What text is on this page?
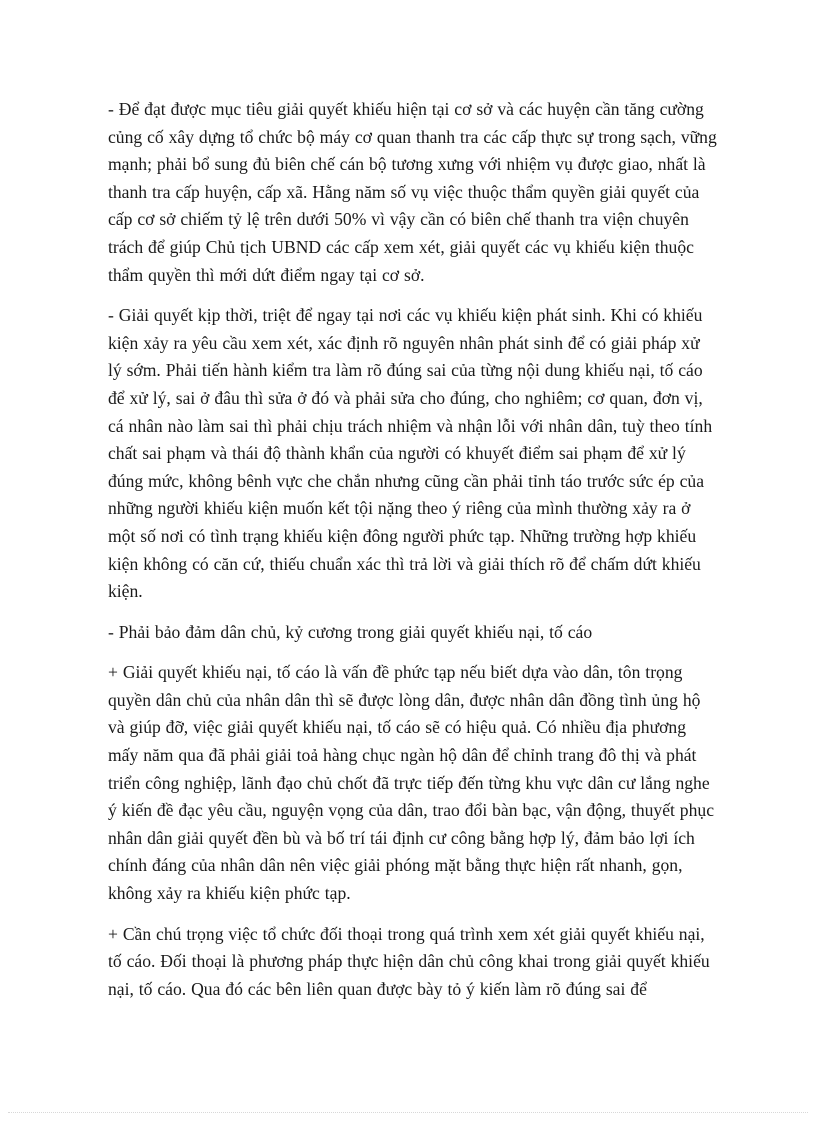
- Để đạt được mục tiêu giải quyết khiếu hiện tại cơ sở và các huyện cần tăng cường củng cố xây dựng tổ chức bộ máy cơ quan thanh tra các cấp thực sự trong sạch, vững mạnh; phải bổ sung đủ biên chế cán bộ tương xưng với nhiệm vụ được giao, nhất là thanh tra cấp huyện, cấp xã. Hằng năm số vụ việc thuộc thẩm quyền giải quyết của cấp cơ sở chiếm tỷ lệ trên dưới 50% vì vậy cần có biên chế thanh tra viện chuyên trách để giúp Chủ tịch UBND các cấp xem xét, giải quyết các vụ khiếu kiện thuộc thẩm quyền thì mới dứt điểm ngay tại cơ sở.

- Giải quyết kịp thời, triệt để ngay tại nơi các vụ khiếu kiện phát sinh. Khi có khiếu kiện xảy ra yêu cầu xem xét, xác định rõ nguyên nhân phát sinh để có giải pháp xử lý sớm. Phải tiến hành kiểm tra làm rõ đúng sai của từng nội dung khiếu nại, tố cáo để xử lý, sai ở đâu thì sửa ở đó và phải sửa cho đúng, cho nghiêm; cơ quan, đơn vị, cá nhân nào làm sai thì phải chịu trách nhiệm và nhận lỗi với nhân dân, tuỳ theo tính chất sai phạm và thái độ thành khẩn của người có khuyết điểm sai phạm để xử lý đúng mức, không bênh vực che chắn nhưng cũng cần phải tỉnh táo trước sức ép của những người khiếu kiện muốn kết tội nặng theo ý riêng của mình thường xảy ra ở một số nơi có tình trạng khiếu kiện đông người phức tạp. Những trường hợp khiếu kiện không có căn cứ, thiếu chuẩn xác thì trả lời và giải thích rõ để chấm dứt khiếu kiện.

- Phải bảo đảm dân chủ, kỷ cương trong giải quyết khiếu nại, tố cáo

+ Giải quyết khiếu nại, tố cáo là vấn đề phức tạp nếu biết dựa vào dân, tôn trọng quyền dân chủ của nhân dân thì sẽ được lòng dân, được nhân dân đồng tình ủng hộ và giúp đỡ, việc giải quyết khiếu nại, tố cáo sẽ có hiệu quả. Có nhiều địa phương mấy năm qua đã phải giải toả hàng chục ngàn hộ dân để chỉnh trang đô thị và phát triển công nghiệp, lãnh đạo chủ chốt đã trực tiếp đến từng khu vực dân cư lắng nghe ý kiến đề đạc yêu cầu, nguyện vọng của dân, trao đổi bàn bạc, vận động, thuyết phục nhân dân giải quyết đền bù và bố trí tái định cư công bằng hợp lý, đảm bảo lợi ích chính đáng của nhân dân nên việc giải phóng mặt bằng thực hiện rất nhanh, gọn, không xảy ra khiếu kiện phức tạp.

+ Cần chú trọng việc tổ chức đối thoại trong quá trình xem xét giải quyết khiếu nại, tố cáo. Đối thoại là phương pháp thực hiện dân chủ công khai trong giải quyết khiếu nại, tố cáo. Qua đó các bên liên quan được bày tỏ ý kiến làm rõ đúng sai để
